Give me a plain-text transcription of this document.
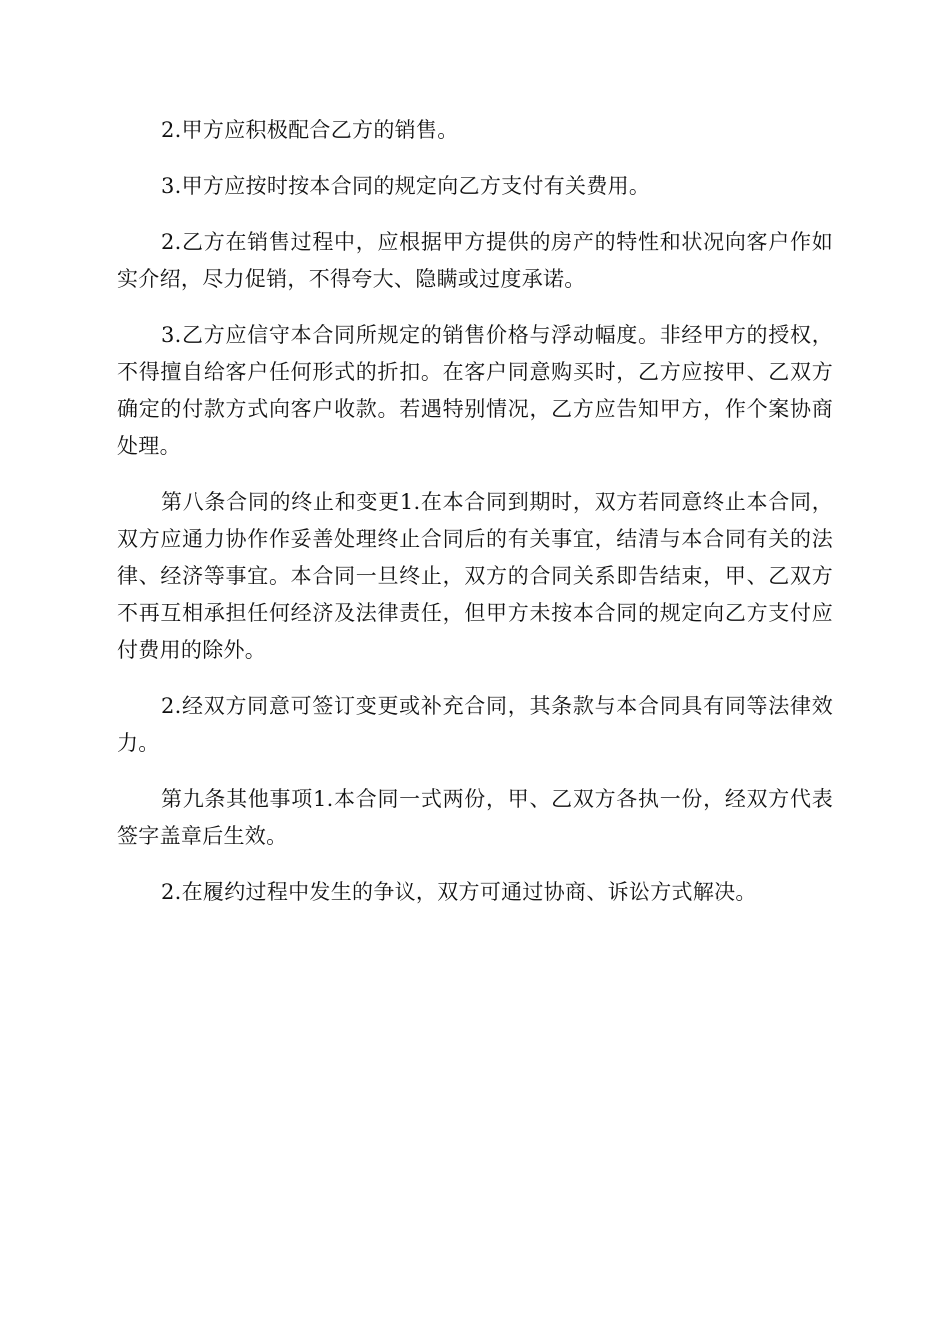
2.甲方应积极配合乙方的销售。

3.甲方应按时按本合同的规定向乙方支付有关费用。

2.乙方在销售过程中，应根据甲方提供的房产的特性和状况向客户作如实介绍，尽力促销，不得夸大、隐瞒或过度承诺。

3.乙方应信守本合同所规定的销售价格与浮动幅度。非经甲方的授权，不得擅自给客户任何形式的折扣。在客户同意购买时，乙方应按甲、乙双方确定的付款方式向客户收款。若遇特别情况，乙方应告知甲方，作个案协商处理。

第八条合同的终止和变更1.在本合同到期时，双方若同意终止本合同，双方应通力协作作妥善处理终止合同后的有关事宜，结清与本合同有关的法律、经济等事宜。本合同一旦终止，双方的合同关系即告结束，甲、乙双方不再互相承担任何经济及法律责任，但甲方未按本合同的规定向乙方支付应付费用的除外。

2.经双方同意可签订变更或补充合同，其条款与本合同具有同等法律效力。

第九条其他事项1.本合同一式两份，甲、乙双方各执一份，经双方代表签字盖章后生效。

2.在履约过程中发生的争议，双方可通过协商、诉讼方式解决。
